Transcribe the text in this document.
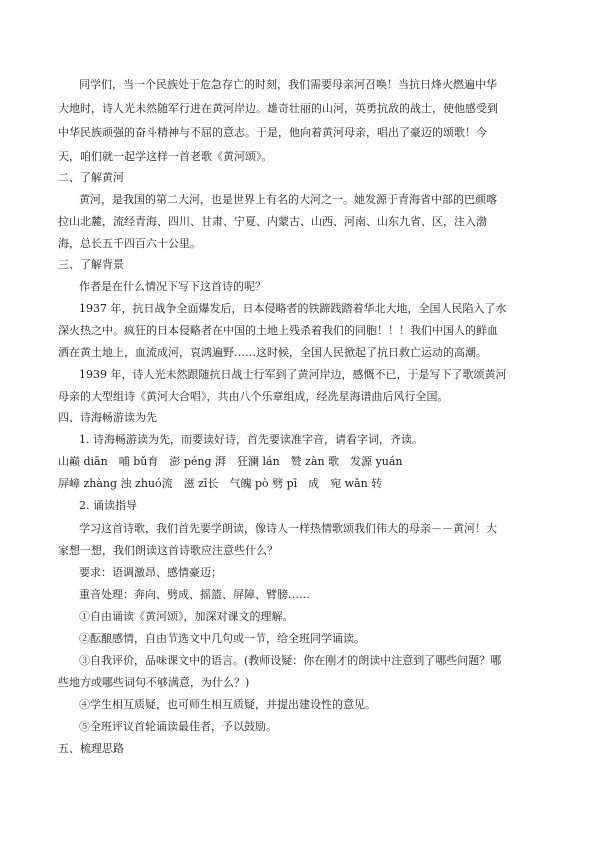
同学们，当一个民族处于危急存亡的时刻，我们需要母亲河召唤！当抗日烽火燃遍中华
大地时，诗人光未然随军行进在黄河岸边。雄奇壮丽的山河，英勇抗敌的战士，使他感受到
中华民族顽强的奋斗精神与不屈的意志。于是，他向着黄河母亲，唱出了豪迈的颂歌！今
天，咱们就一起学这样一首老歌《黄河颂》。
二、了解黄河
黄河，是我国的第二大河，也是世界上有名的大河之一。她发源于青海省中部的巴颜喀
拉山北麓，流经青海、四川、甘肃、宁夏、内蒙古、山西、河南、山东九省、区，注入渤
海，总长五千四百六十公里。
三、了解背景
作者是在什么情况下写下这首诗的呢？
1937 年，抗日战争全面爆发后，日本侵略者的铁蹄践踏着华北大地，全国人民陷入了水
深火热之中。疯狂的日本侵略者在中国的土地上残杀着我们的同胞！！！我们中国人的鲜血
洒在黄土地上，血流成河，哀鸿遍野……这时候，全国人民掀起了抗日救亡运动的高潮。
1939 年，诗人光未然跟随抗日战士行军到了黄河岸边，感慨不已，于是写下了歌颂黄河
母亲的大型组诗《黄河大合唱》，共由八个乐章组成，经冼星海谱曲后风行全国。
四、诗海畅游读为先
1. 诗海畅游读为先，而要读好诗，首先要读准字音，请看字词，齐读。
山巅 diān　哺 bǔ育　澎 péng 湃　狂澜 lán　赞 zàn 歌　发源 yuán
屏嶂 zhàng 浊 zhuó流　滋 zī长　气魄 pò 劈 pī　成　宛 wǎn 转
2. 诵读指导
学习这首诗歌，我们首先要学朗读，像诗人一样热情歌颂我们伟大的母亲－－黄河！大
家想一想，我们朗读这首诗歌应注意些什么？
要求：语调激昂、感情豪迈；
重音处理：奔向、劈成、摇篮、屏障、臂膀……
①自由诵读《黄河颂》，加深对课文的理解。
②酝酿感情，自由节选文中几句或一节，给全班同学诵读。
③自我评价，品味课文中的语言。(教师设疑：你在刚才的朗读中注意到了哪些问题？哪
些地方或哪些词句不够满意，为什么？)
④学生相互质疑，也可师生相互质疑，并提出建设性的意见。
⑤全班评议首轮诵读最佳者，予以鼓励。
五、梳理思路
